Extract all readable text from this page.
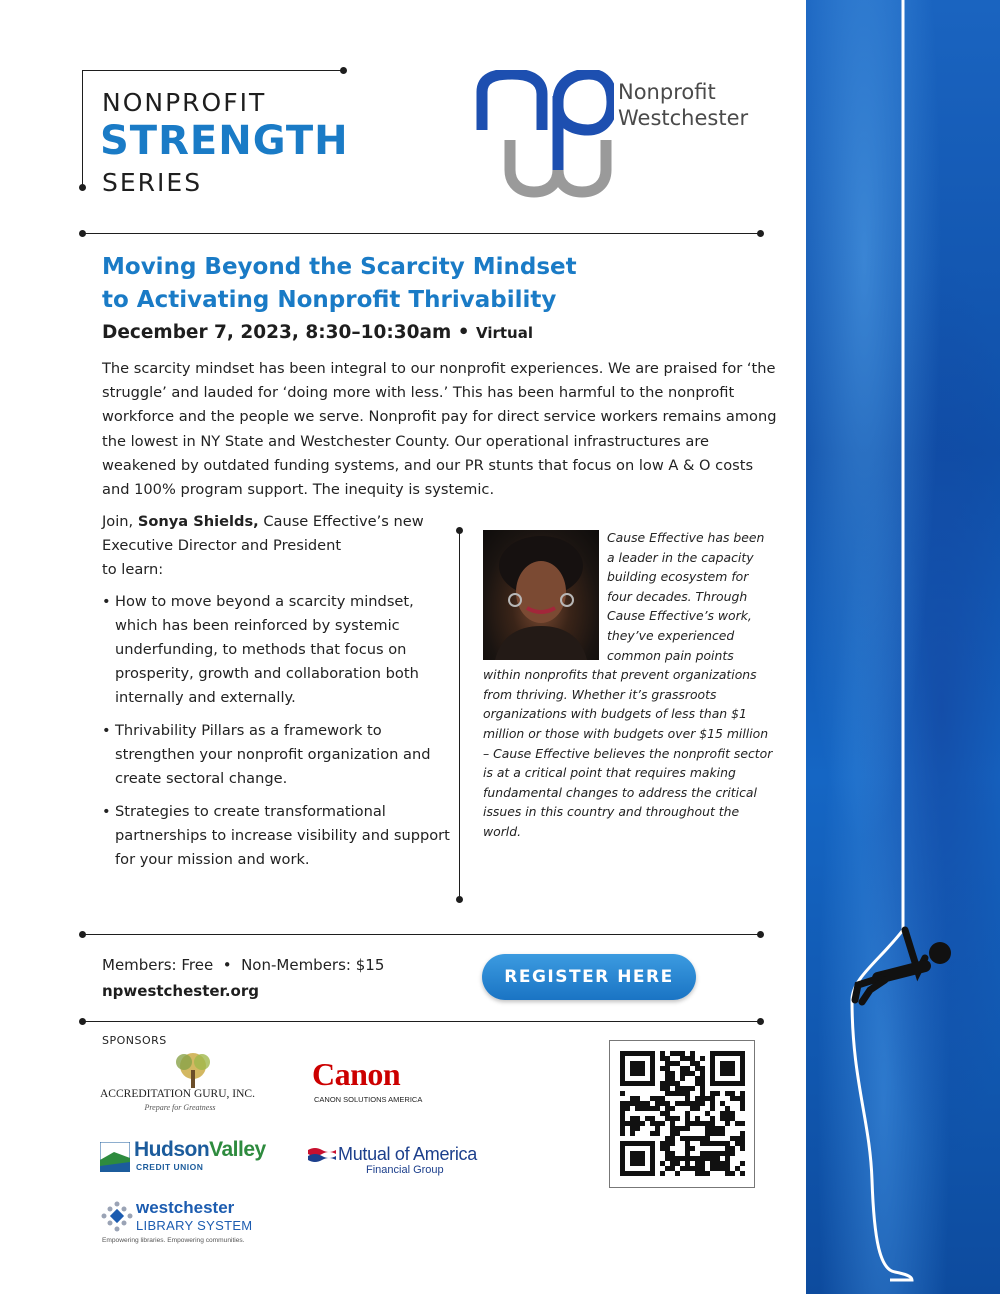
NONPROFIT
STRENGTH
SERIES
Nonprofit
Westchester
Moving Beyond the Scarcity Mindset
to Activating Nonprofit Thrivability
December 7, 2023, 8:30–10:30am • Virtual
The scarcity mindset has been integral to our nonprofit experiences. We are praised for ‘the struggle’ and lauded for ‘doing more with less.’ This has been harmful to the nonprofit workforce and the people we serve. Nonprofit pay for direct service workers remains among the lowest in NY State and Westchester County. Our operational infrastructures are weakened by outdated funding systems, and our PR stunts that focus on low A & O costs and 100% program support. The inequity is systemic.
Join, Sonya Shields, Cause Effective’s new Executive Director and President
to learn:
• How to move beyond a scarcity mindset, which has been reinforced by systemic underfunding, to methods that focus on prosperity, growth and collaboration both internally and externally.
• Thrivability Pillars as a framework to strengthen your nonprofit organization and create sectoral change.
• Strategies to create transformational partnerships to increase visibility and support for your mission and work.
Cause Effective has been a leader in the capacity building ecosystem for four decades. Through Cause Effective’s work, they’ve experienced common pain points within nonprofits that prevent organizations from thriving. Whether it’s grassroots organizations with budgets of less than $1 million or those with budgets over $15 million – Cause Effective believes the nonprofit sector is at a critical point that requires making fundamental changes to address the critical issues in this country and throughout the world.
Members: Free  •  Non-Members: $15
npwestchester.org
REGISTER HERE
SPONSORS
ACCREDITATION GURU, INC.
Prepare for Greatness
Canon
CANON SOLUTIONS AMERICA
HudsonValley
CREDIT UNION
Mutual of America
Financial Group
westchester
LIBRARY SYSTEM
Empowering libraries. Empowering communities.
